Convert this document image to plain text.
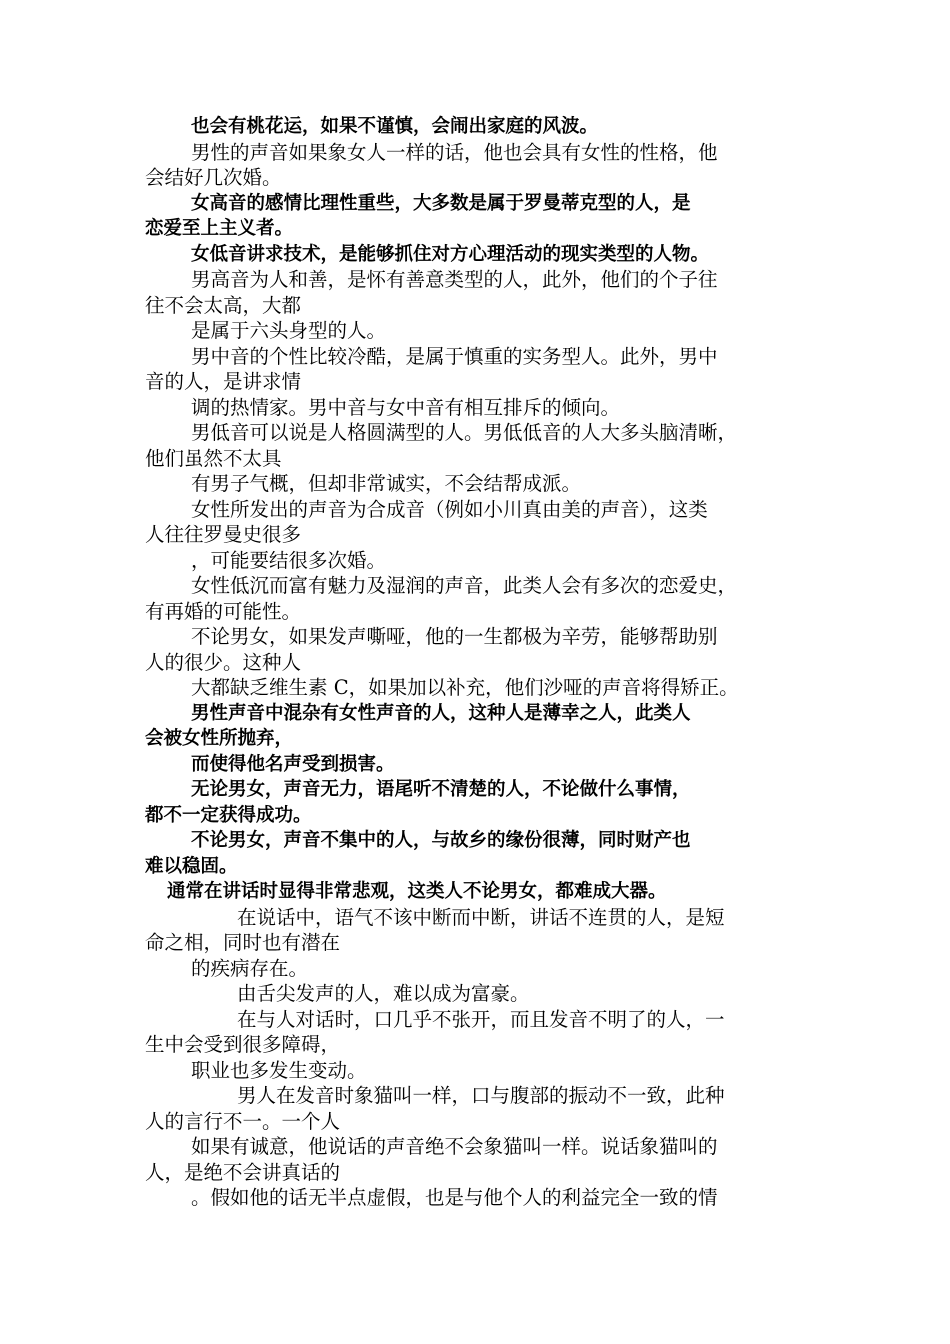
也会有桃花运，如果不谨慎，会闹出家庭的风波。
男性的声音如果象女人一样的话，他也会具有女性的性格，他
会结好几次婚。
女高音的感情比理性重些，大多数是属于罗曼蒂克型的人，是
恋爱至上主义者。
女低音讲求技术，是能够抓住对方心理活动的现实类型的人物。
男高音为人和善，是怀有善意类型的人，此外，他们的个子往
往不会太高，大都
是属于六头身型的人。
男中音的个性比较冷酷，是属于慎重的实务型人。此外，男中
音的人，是讲求情
调的热情家。男中音与女中音有相互排斥的倾向。
男低音可以说是人格圆满型的人。男低低音的人大多头脑清晰，
他们虽然不太具
有男子气概，但却非常诚实，不会结帮成派。
女性所发出的声音为合成音（例如小川真由美的声音），这类
人往往罗曼史很多
，可能要结很多次婚。
女性低沉而富有魅力及湿润的声音，此类人会有多次的恋爱史，
有再婚的可能性。
不论男女，如果发声嘶哑，他的一生都极为辛劳，能够帮助别
人的很少。这种人
大都缺乏维生素 C，如果加以补充，他们沙哑的声音将得矫正。
男性声音中混杂有女性声音的人，这种人是薄幸之人，此类人
会被女性所抛弃，
而使得他名声受到损害。
无论男女，声音无力，语尾听不清楚的人，不论做什么事情，
都不一定获得成功。
不论男女，声音不集中的人，与故乡的缘份很薄，同时财产也
难以稳固。
通常在讲话时显得非常悲观，这类人不论男女，都难成大器。
在说话中，语气不该中断而中断，讲话不连贯的人，是短
命之相，同时也有潜在
的疾病存在。
由舌尖发声的人，难以成为富豪。
在与人对话时，口几乎不张开，而且发音不明了的人，一
生中会受到很多障碍，
职业也多发生变动。
男人在发音时象猫叫一样，口与腹部的振动不一致，此种
人的言行不一。一个人
如果有诚意，他说话的声音绝不会象猫叫一样。说话象猫叫的
人，是绝不会讲真话的
。假如他的话无半点虚假，也是与他个人的利益完全一致的情
